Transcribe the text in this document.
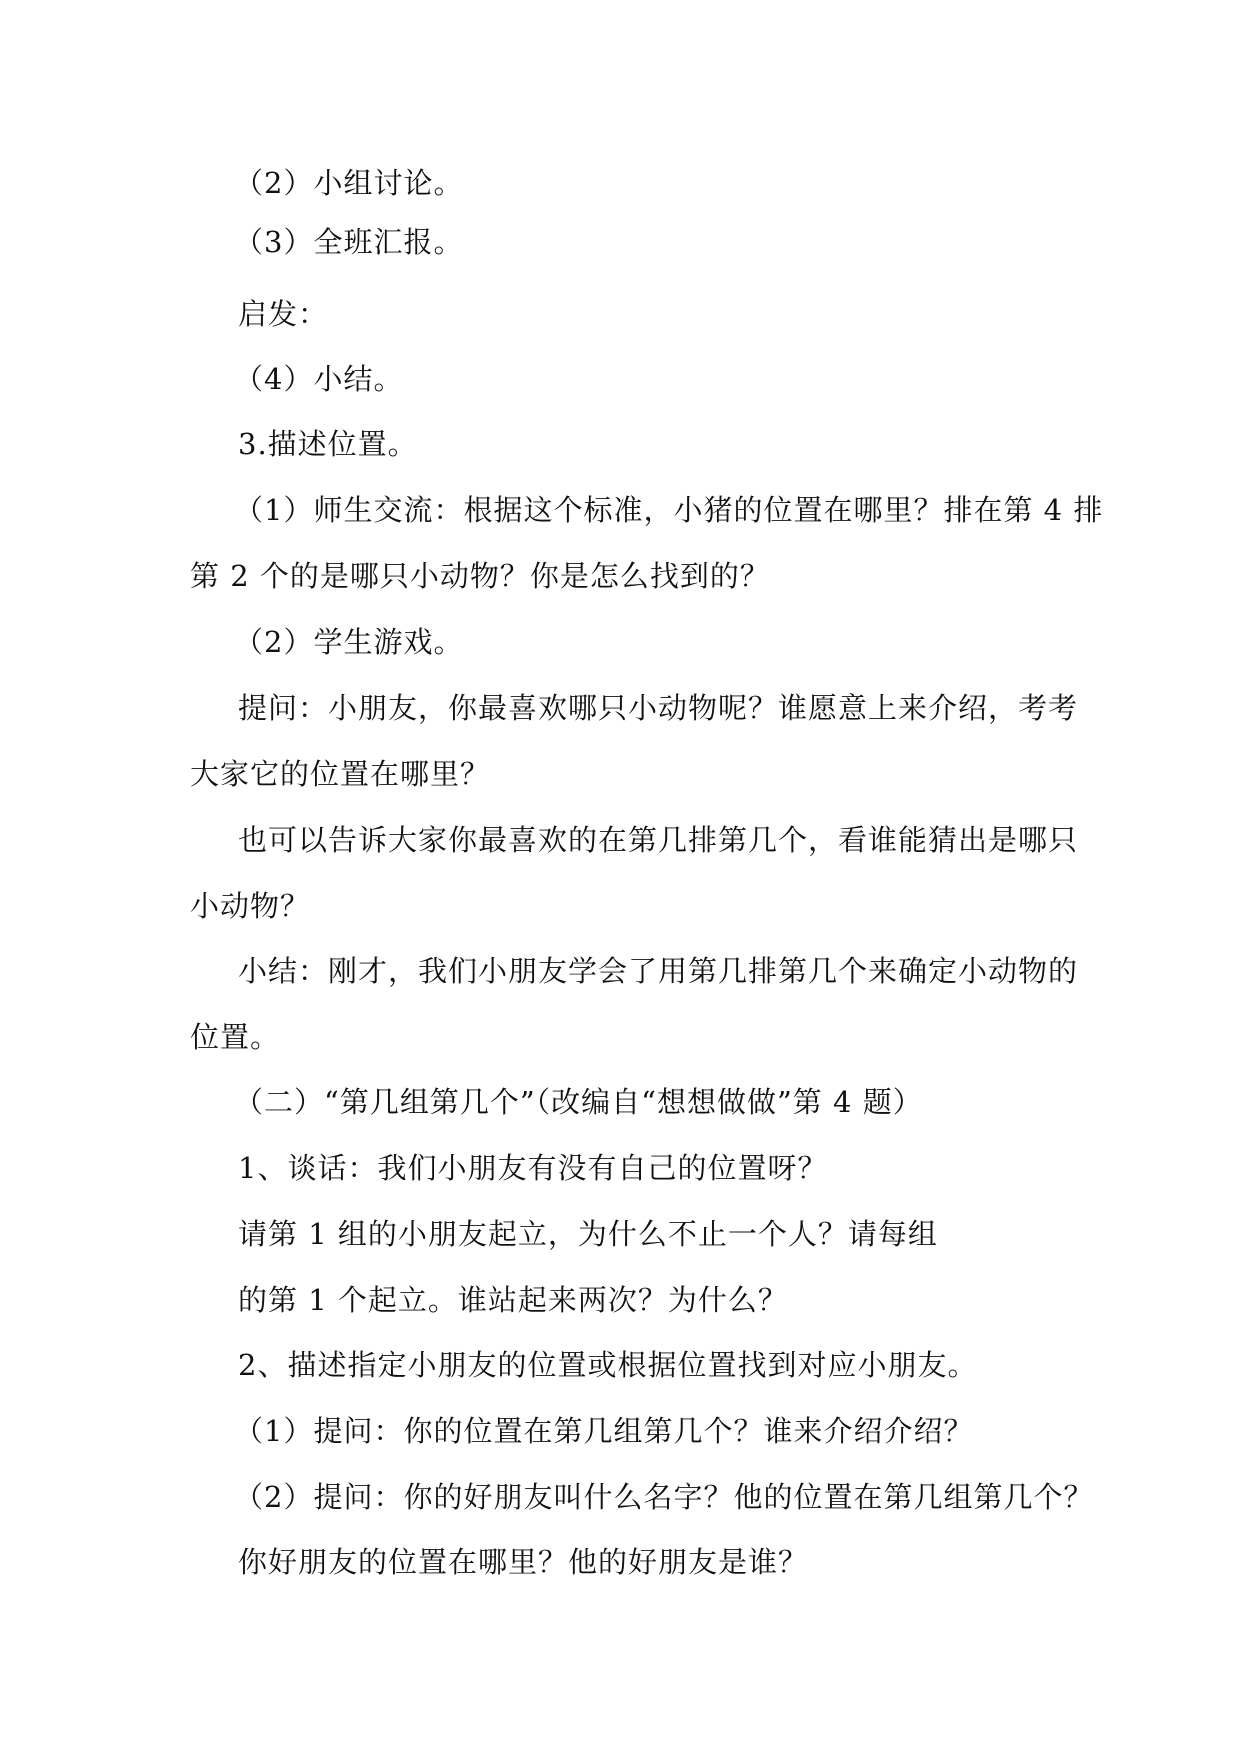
（2）小组讨论。
（3）全班汇报。
启发：
（4）小结。
3.描述位置。
（1）师生交流：根据这个标准，小猪的位置在哪里？排在第 4 排
第 2 个的是哪只小动物？你是怎么找到的？
（2）学生游戏。
提问：小朋友，你最喜欢哪只小动物呢？谁愿意上来介绍，考考
大家它的位置在哪里？
也可以告诉大家你最喜欢的在第几排第几个，看谁能猜出是哪只
小动物？
小结：刚才，我们小朋友学会了用第几排第几个来确定小动物的
位置。
（二）“第几组第几个”（改编自“想想做做”第 4 题）
1、谈话：我们小朋友有没有自己的位置呀？
请第 1 组的小朋友起立，为什么不止一个人？请每组
的第 1 个起立。谁站起来两次？为什么？
2、描述指定小朋友的位置或根据位置找到对应小朋友。
（1）提问：你的位置在第几组第几个？谁来介绍介绍？
（2）提问：你的好朋友叫什么名字？他的位置在第几组第几个？
你好朋友的位置在哪里？他的好朋友是谁？
